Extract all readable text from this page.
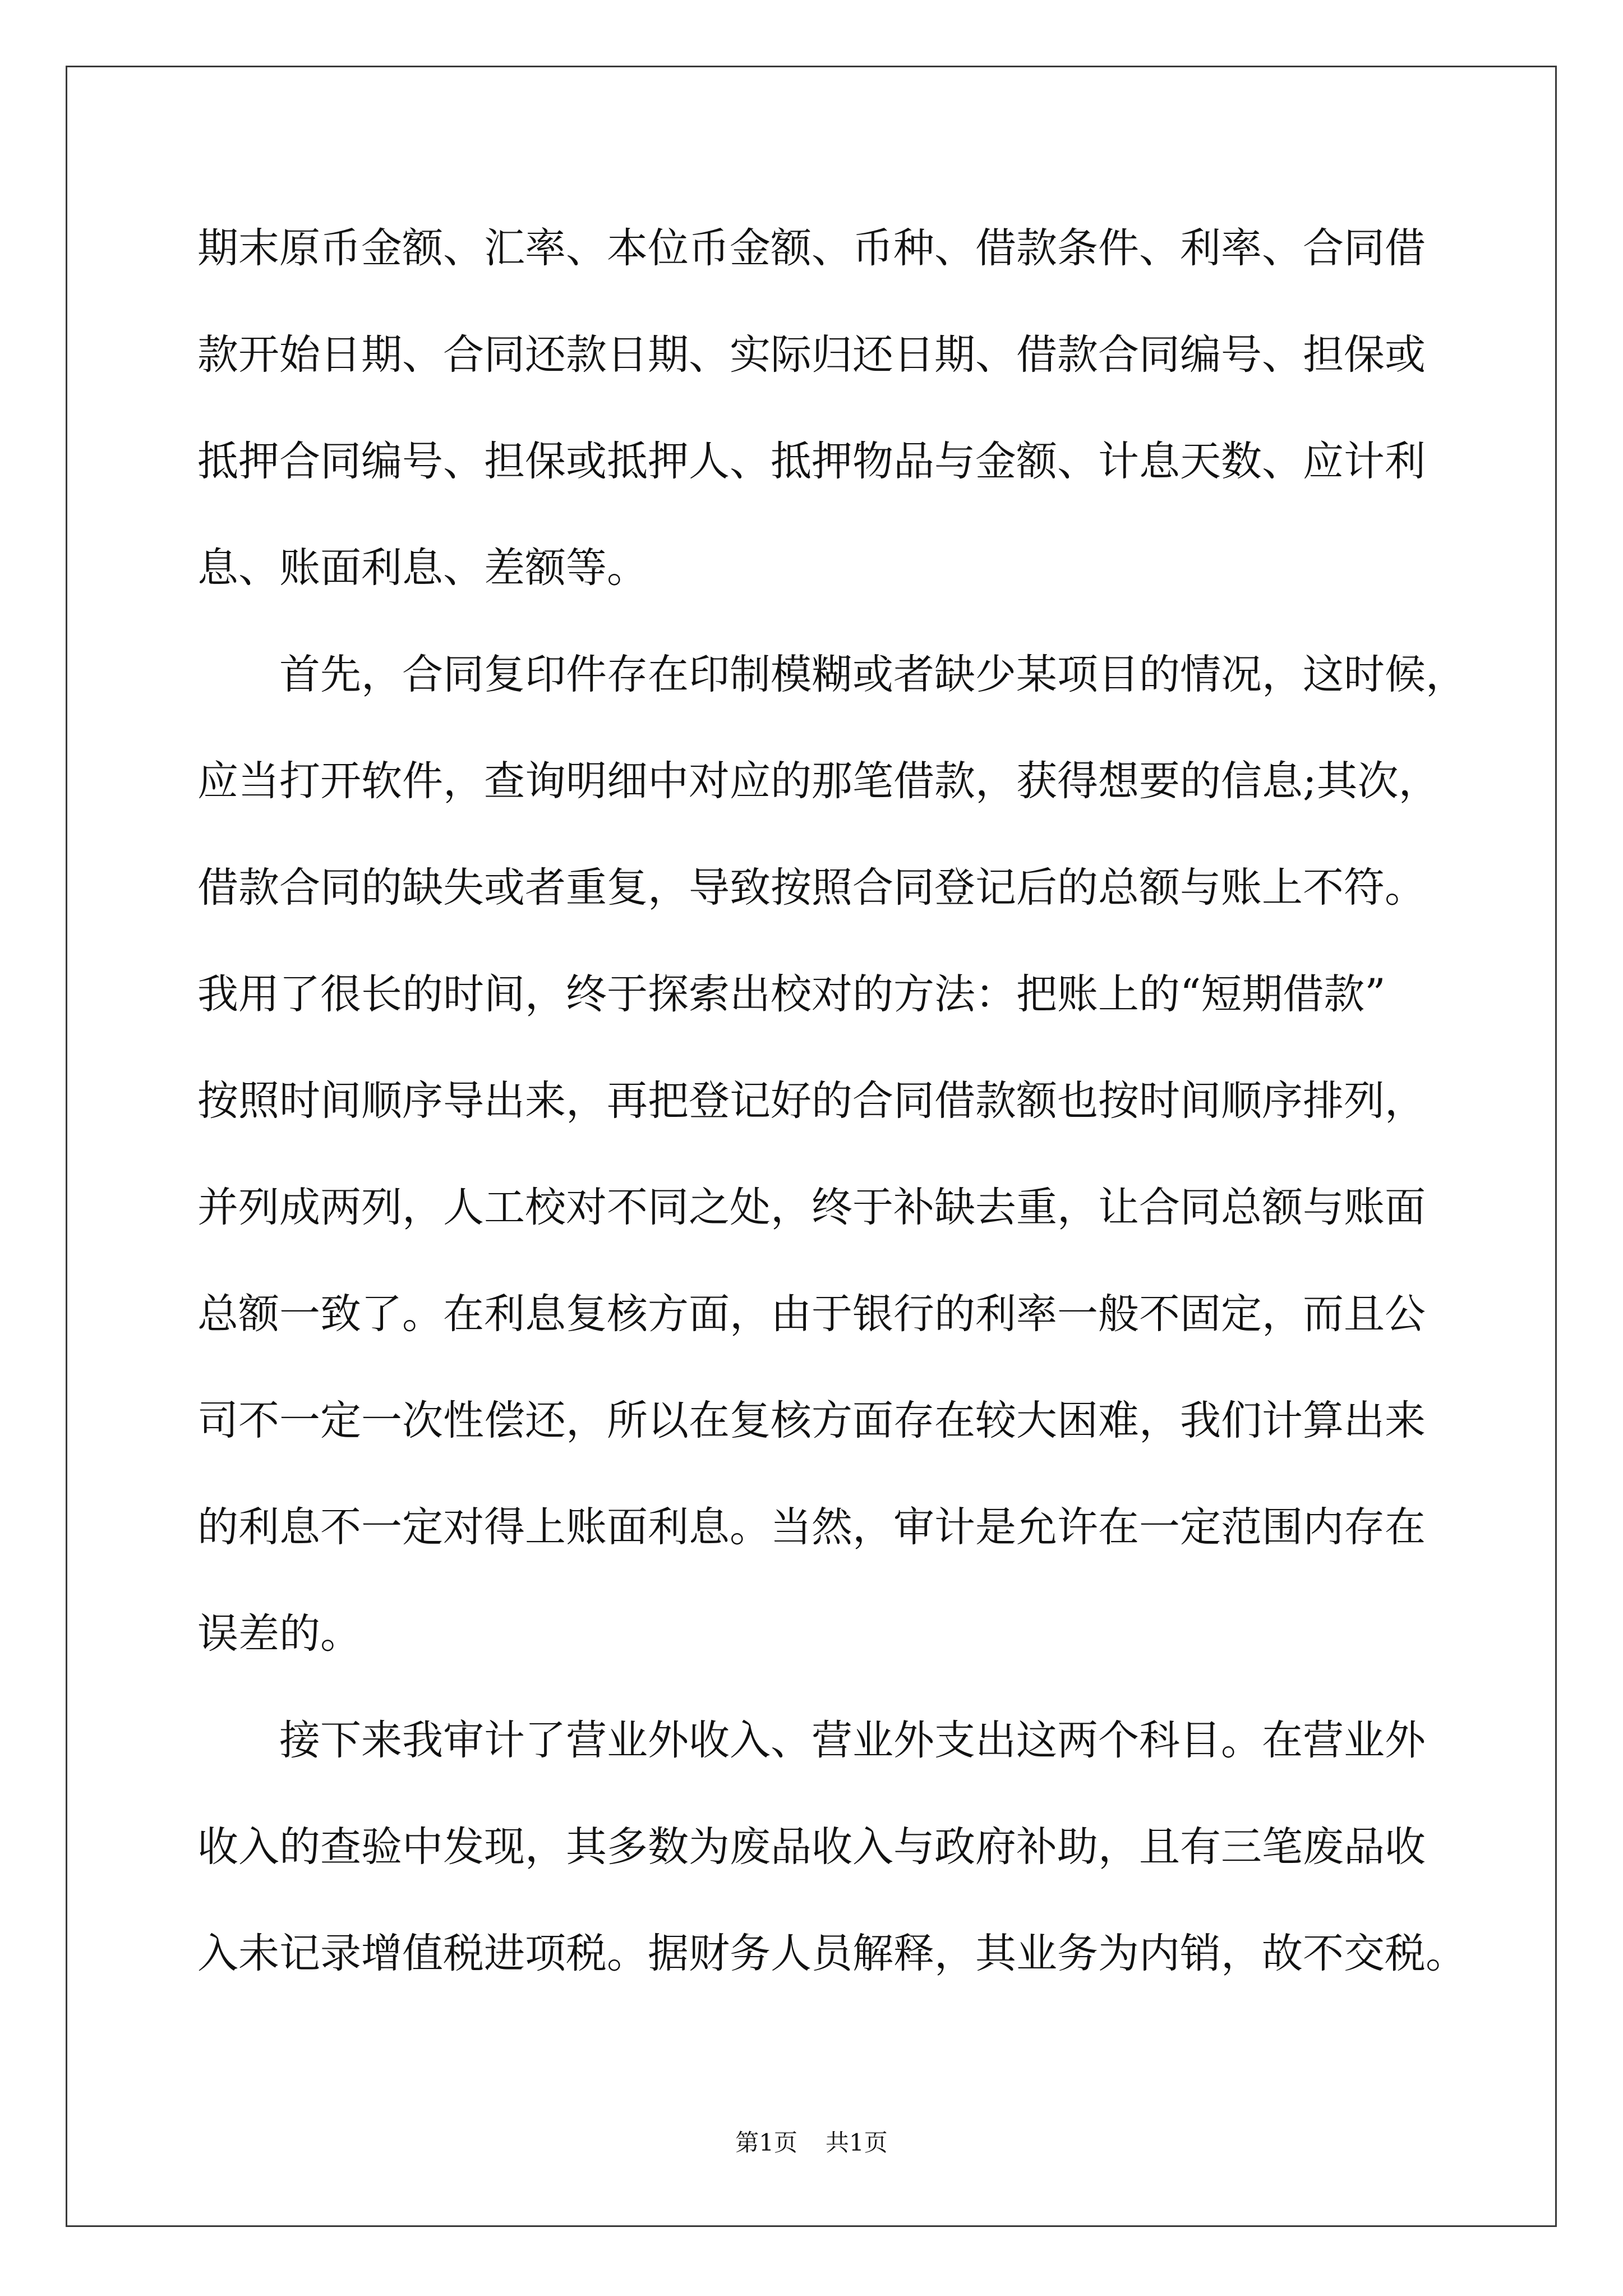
期末原币金额、汇率、本位币金额、币种、借款条件、利率、合同借
款开始日期、合同还款日期、实际归还日期、借款合同编号、担保或
抵押合同编号、担保或抵押人、抵押物品与金额、计息天数、应计利
息、账面利息、差额等。
首先，合同复印件存在印制模糊或者缺少某项目的情况，这时候，
应当打开软件，查询明细中对应的那笔借款，获得想要的信息;其次，
借款合同的缺失或者重复，导致按照合同登记后的总额与账上不符。
我用了很长的时间，终于探索出校对的方法：把账上的“短期借款”
按照时间顺序导出来，再把登记好的合同借款额也按时间顺序排列，
并列成两列，人工校对不同之处，终于补缺去重，让合同总额与账面
总额一致了。在利息复核方面，由于银行的利率一般不固定，而且公
司不一定一次性偿还，所以在复核方面存在较大困难，我们计算出来
的利息不一定对得上账面利息。当然，审计是允许在一定范围内存在
误差的。
接下来我审计了营业外收入、营业外支出这两个科目。在营业外
收入的查验中发现，其多数为废品收入与政府补助，且有三笔废品收
入未记录增值税进项税。据财务人员解释，其业务为内销，故不交税。
第1页 共1页
